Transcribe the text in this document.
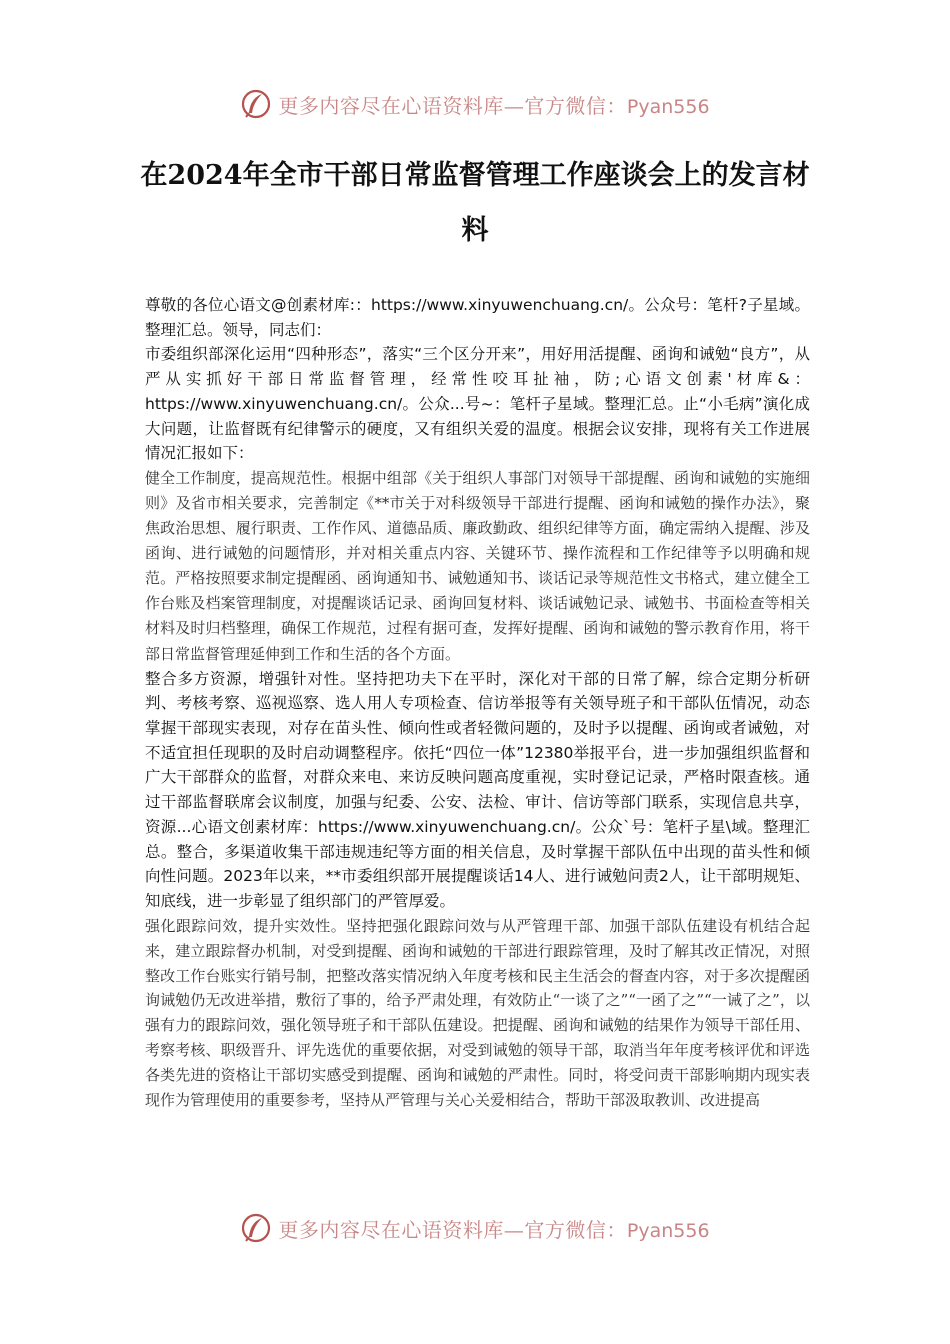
更多内容尽在心语资料库—官方微信：Pyan556
在2024年全市干部日常监督管理工作座谈会上的发言材料

尊敬的各位心语文@创素材库:：https://www.xinyuwenchuang.cn/。公众号：笔杆?子星域。整理汇总。领导，同志们：

市委组织部深化运用“四种形态”，落实“三个区分开来”，用好用活提醒、函询和诫勉“良方”，从严从实抓好干部日常监督管理，经常性咬耳扯袖，防;心语文创素'材库&：https://www.xinyuwenchuang.cn/。公众...号~：笔杆子星域。整理汇总。止“小毛病”演化成大问题，让监督既有纪律警示的硬度，又有组织关爱的温度。根据会议安排，现将有关工作进展情况汇报如下：

健全工作制度，提高规范性。根据中组部《关于组织人事部门对领导干部提醒、函询和诫勉的实施细则》及省市相关要求，完善制定《**市关于对科级领导干部进行提醒、函询和诫勉的操作办法》，聚焦政治思想、履行职责、工作作风、道德品质、廉政勤政、组织纪律等方面，确定需纳入提醒、涉及函询、进行诫勉的问题情形，并对相关重点内容、关键环节、操作流程和工作纪律等予以明确和规范。严格按照要求制定提醒函、函询通知书、诫勉通知书、谈话记录等规范性文书格式，建立健全工作台账及档案管理制度，对提醒谈话记录、函询回复材料、谈话诫勉记录、诫勉书、书面检查等相关材料及时归档整理，确保工作规范，过程有据可查，发挥好提醒、函询和诫勉的警示教育作用，将干部日常监督管理延伸到工作和生活的各个方面。

整合多方资源，增强针对性。坚持把功夫下在平时，深化对干部的日常了解，综合定期分析研判、考核考察、巡视巡察、选人用人专项检查、信访举报等有关领导班子和干部队伍情况，动态掌握干部现实表现，对存在苗头性、倾向性或者轻微问题的，及时予以提醒、函询或者诫勉，对不适宜担任现职的及时启动调整程序。依托“四位一体”12380举报平台，进一步加强组织监督和广大干部群众的监督，对群众来电、来访反映问题高度重视，实时登记记录，严格时限查核。通过干部监督联席会议制度，加强与纪委、公安、法检、审计、信访等部门联系，实现信息共享，资源...心语文创素材库：https://www.xinyuwenchuang.cn/。公众`号：笔杆子星\域。整理汇总。整合，多渠道收集干部违规违纪等方面的相关信息，及时掌握干部队伍中出现的苗头性和倾向性问题。2023年以来，**市委组织部开展提醒谈话14人、进行诫勉问责2人，让干部明规矩、知底线，进一步彰显了组织部门的严管厚爱。

强化跟踪问效，提升实效性。坚持把强化跟踪问效与从严管理干部、加强干部队伍建设有机结合起来，建立跟踪督办机制，对受到提醒、函询和诫勉的干部进行跟踪管理，及时了解其改正情况，对照整改工作台账实行销号制，把整改落实情况纳入年度考核和民主生活会的督查内容，对于多次提醒函询诫勉仍无改进举措，敷衍了事的，给予严肃处理，有效防止“一谈了之”“一函了之”“一诫了之”，以强有力的跟踪问效，强化领导班子和干部队伍建设。把提醒、函询和诫勉的结果作为领导干部任用、考察考核、职级晋升、评先选优的重要依据，对受到诫勉的领导干部，取消当年年度考核评优和评选各类先进的资格让干部切实感受到提醒、函询和诫勉的严肃性。同时，将受问责干部影响期内现实表现作为管理使用的重要参考，坚持从严管理与关心关爱相结合，帮助干部汲取教训、改进提高

更多内容尽在心语资料库—官方微信：Pyan556
